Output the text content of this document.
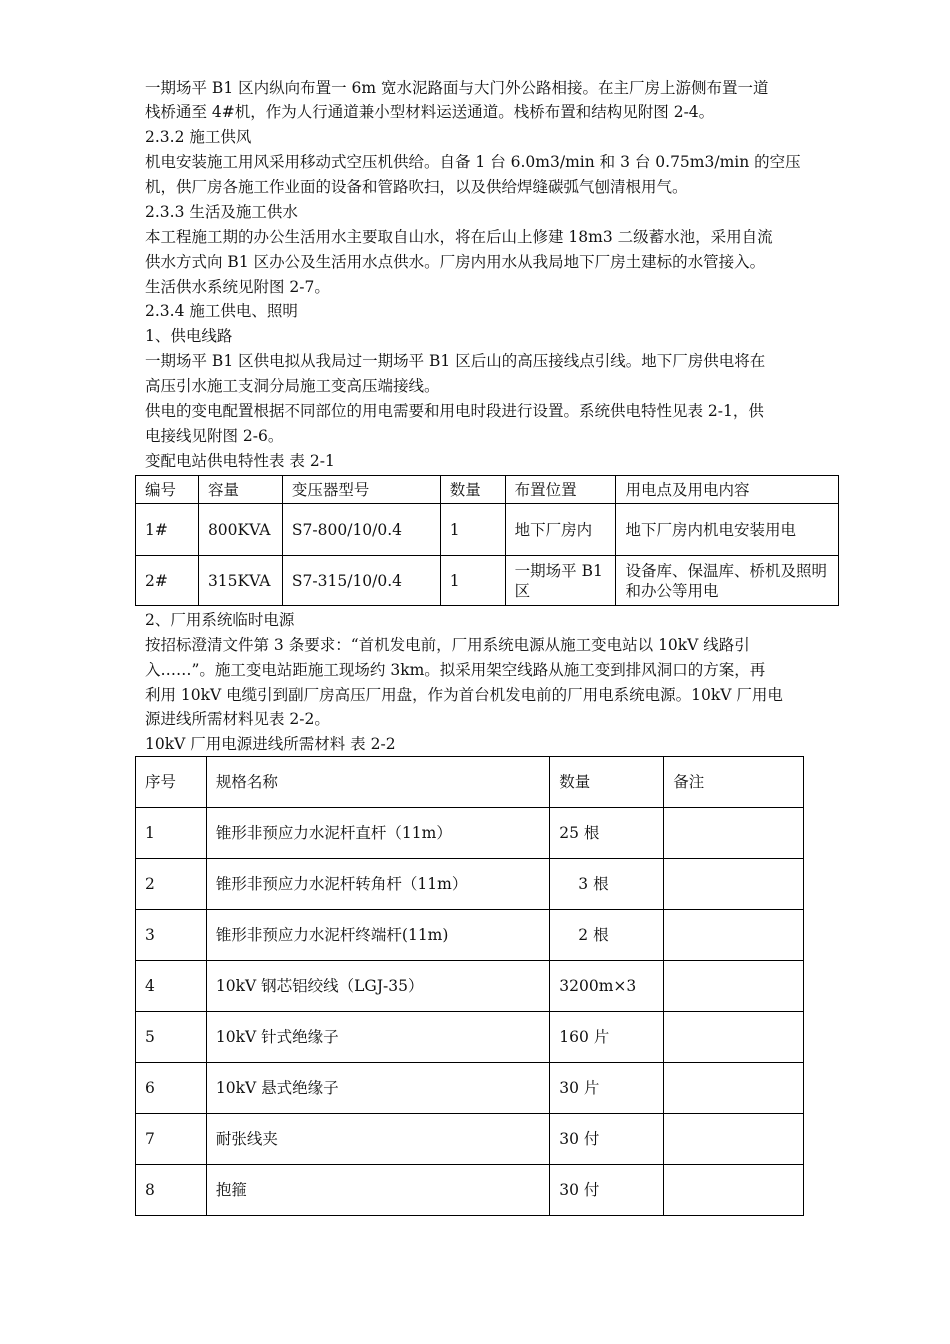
一期场平 B1 区内纵向布置一 6m 宽水泥路面与大门外公路相接。在主厂房上游侧布置一道
栈桥通至 4#机，作为人行通道兼小型材料运送通道。栈桥布置和结构见附图 2-4。
2.3.2 施工供风
机电安装施工用风采用移动式空压机供给。自备 1 台 6.0m3/min 和 3 台 0.75m3/min 的空压
机，供厂房各施工作业面的设备和管路吹扫，以及供给焊缝碳弧气刨清根用气。
2.3.3 生活及施工供水
本工程施工期的办公生活用水主要取自山水，将在后山上修建 18m3 二级蓄水池，采用自流
供水方式向 B1 区办公及生活用水点供水。厂房内用水从我局地下厂房土建标的水管接入。
生活供水系统见附图 2-7。
2.3.4 施工供电、照明
1、供电线路
一期场平 B1 区供电拟从我局过一期场平 B1 区后山的高压接线点引线。地下厂房供电将在
高压引水施工支洞分局施工变高压端接线。
供电的变电配置根据不同部位的用电需要和用电时段进行设置。系统供电特性见表 2-1，供
电接线见附图 2-6。
变配电站供电特性表 表 2-1
编号	容量	变压器型号	数量	布置位置	用电点及用电内容
1#	800KVA	S7-800/10/0.4	1	地下厂房内	地下厂房内机电安装用电
2#	315KVA	S7-315/10/0.4	1	一期场平 B1 区	设备库、保温库、桥机及照明和办公等用电
2、厂用系统临时电源
按招标澄清文件第 3 条要求：“首机发电前，厂用系统电源从施工变电站以 10kV 线路引
入……”。施工变电站距施工现场约 3km。拟采用架空线路从施工变到排风洞口的方案，再
利用 10kV 电缆引到副厂房高压厂用盘，作为首台机发电前的厂用电系统电源。10kV 厂用电
源进线所需材料见表 2-2。
10kV 厂用电源进线所需材料 表 2-2
序号	规格名称	数量	备注
1	锥形非预应力水泥杆直杆（11m）	25 根	
2	锥形非预应力水泥杆转角杆（11m）	3 根	
3	锥形非预应力水泥杆终端杆(11m)	2 根	
4	10kV 钢芯铝绞线（LGJ-35）	3200m×3	
5	10kV 针式绝缘子	160 片	
6	10kV 悬式绝缘子	30 片	
7	耐张线夹	30 付	
8	抱箍	30 付	
